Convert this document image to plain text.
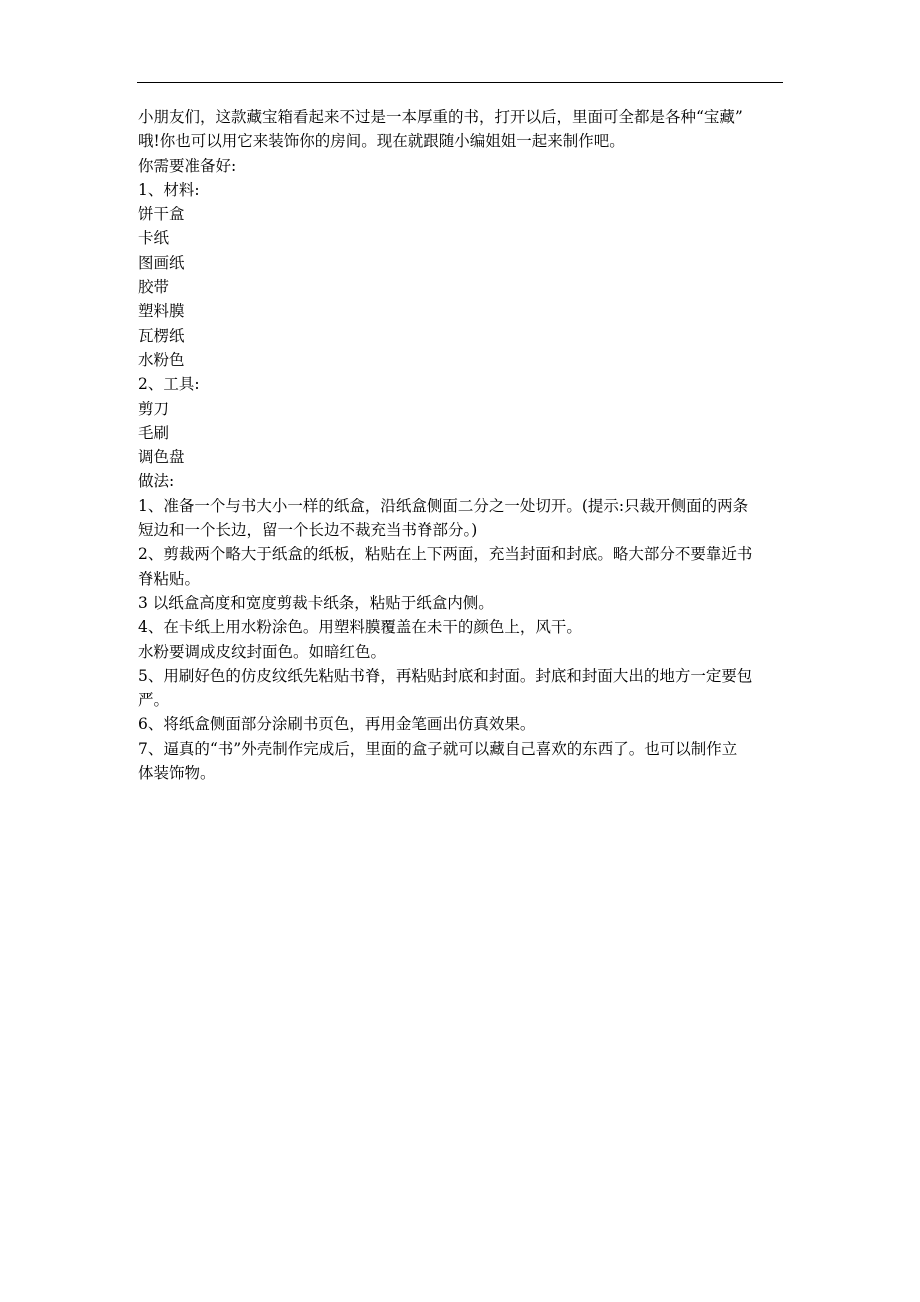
小朋友们，这款藏宝箱看起来不过是一本厚重的书，打开以后，里面可全都是各种“宝藏”
哦!你也可以用它来装饰你的房间。现在就跟随小编姐姐一起来制作吧。
你需要准备好:
1、材料:
饼干盒
卡纸
图画纸
胶带
塑料膜
瓦楞纸
水粉色
2、工具:
剪刀
毛刷
调色盘
做法:
1、准备一个与书大小一样的纸盒，沿纸盒侧面二分之一处切开。(提示:只裁开侧面的两条
短边和一个长边，留一个长边不裁充当书脊部分。)
2、剪裁两个略大于纸盒的纸板，粘贴在上下两面，充当封面和封底。略大部分不要靠近书
脊粘贴。
3 以纸盒高度和宽度剪裁卡纸条，粘贴于纸盒内侧。
4、在卡纸上用水粉涂色。用塑料膜覆盖在未干的颜色上，风干。
水粉要调成皮纹封面色。如暗红色。
5、用刷好色的仿皮纹纸先粘贴书脊，再粘贴封底和封面。封底和封面大出的地方一定要包
严。
6、将纸盒侧面部分涂刷书页色，再用金笔画出仿真效果。
7、逼真的“书”外壳制作完成后，里面的盒子就可以藏自己喜欢的东西了。也可以制作立
体装饰物。
